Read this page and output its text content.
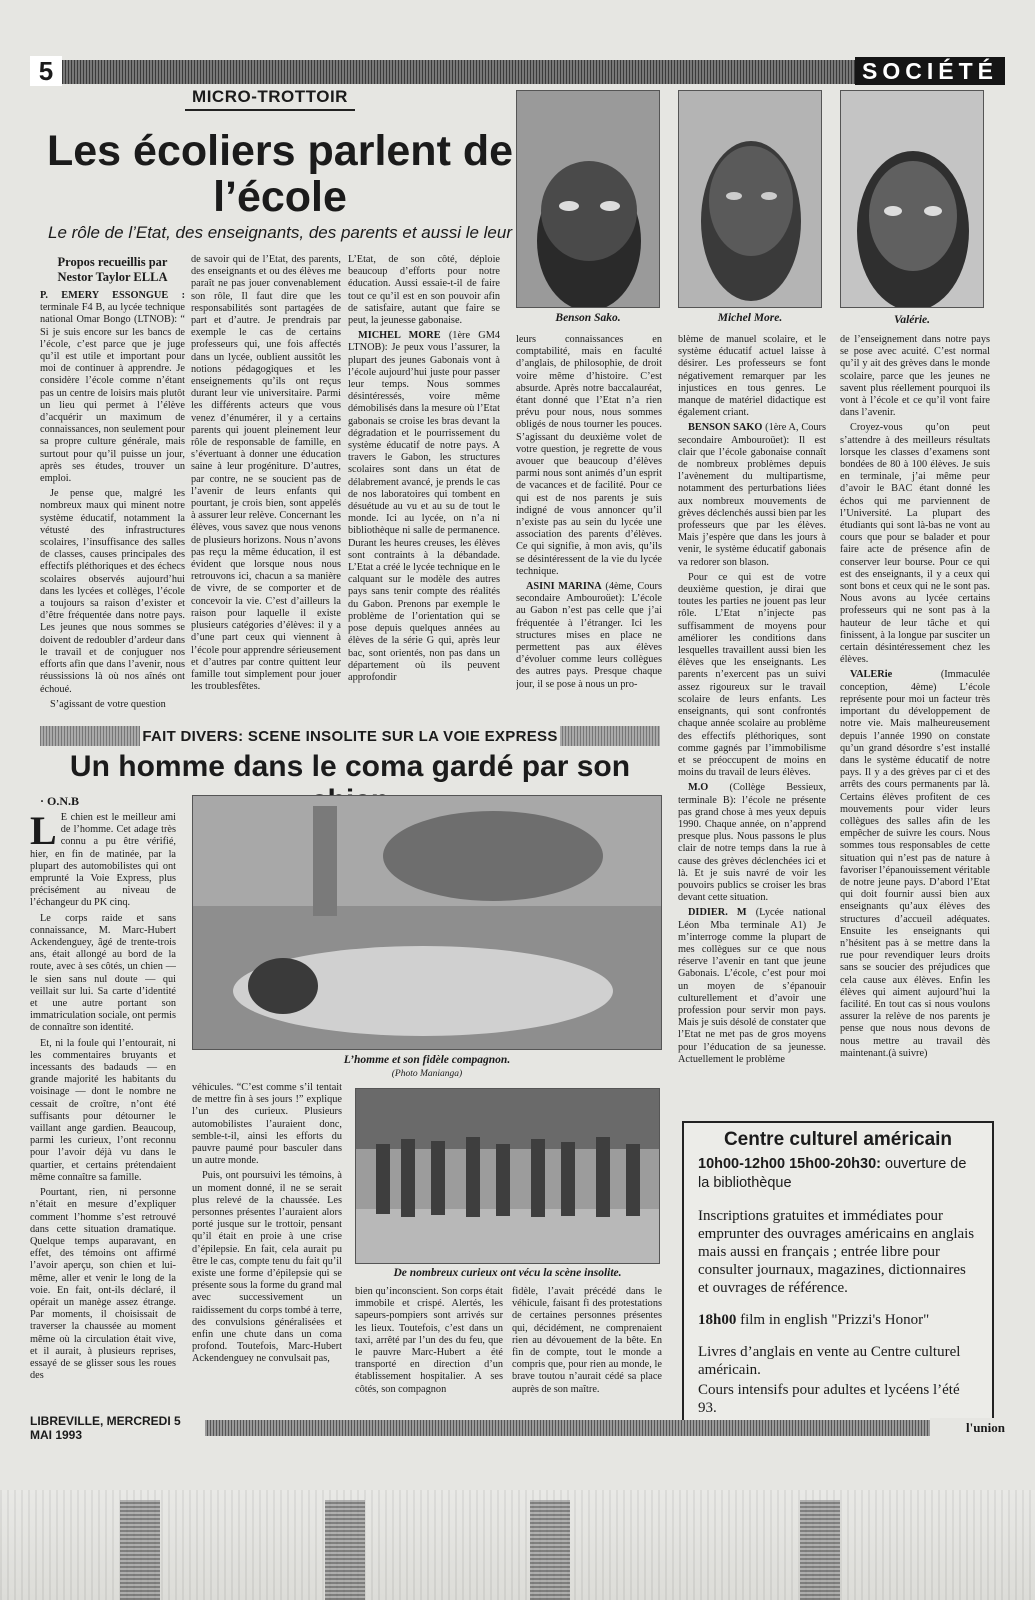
5	SOCIÉTÉ
MICRO-TROTTOIR
Les écoliers parlent de l’école
Le rôle de l’Etat, des enseignants, des parents et aussi le leur
Propos recueillis par Nestor Taylor ELLA

P. EMERY ESSONGUE : terminale F4 B, au lycée technique national Omar Bongo (LTNOB): “ Si je suis encore sur les bancs de l’école, c’est parce que je juge qu’il est utile et important pour moi de continuer à apprendre. Je considère l’école comme n’étant pas un centre de loisirs mais plutôt un lieu qui permet à l’élève d’acquérir un maximum de connaissances, non seulement pour sa propre culture générale, mais surtout pour qu’il puisse un jour, après ses études, trouver un emploi.

Je pense que, malgré les nombreux maux qui minent notre système éducatif, notamment la vétusté des infrastructures scolaires, l’insuffisance des salles de classes, causes principales des effectifs pléthoriques et des échecs scolaires observés aujourd’hui dans les lycées et collèges, l’école a toujours sa raison d’exister et d’être fréquentée dans notre pays. Les jeunes que nous sommes se doivent de redoubler d’ardeur dans le travail et de conjuguer nos efforts afin que dans l’avenir, nous réussissions là où nos aînés ont échoué.

S’agissant de votre question

de savoir qui de l’Etat, des parents, des enseignants et ou des élèves me paraît ne pas jouer convenablement son rôle, Il faut dire que les responsabilités sont partagées de part et d’autre. Je prendrais par exemple le cas de certains professeurs qui, une fois affectés dans un lycée, oublient aussitôt les notions pédagogiques et les enseignements qu’ils ont reçus durant leur vie universitaire. Parmi les différents acteurs que vous venez d’énumérer, il y a certains parents qui jouent pleinement leur rôle de responsable de famille, en s’évertuant à donner une éducation saine à leur progéniture. D’autres, par contre, ne se soucient pas de l’avenir de leurs enfants qui pourtant, je crois bien, sont appelés à assurer leur relève. Concernant les élèves, vous savez que nous venons de plusieurs horizons. Nous n’avons pas reçu la même éducation, il est évident que lorsque nous nous retrouvons ici, chacun a sa manière de vivre, de se comporter et de concevoir la vie. C’est d’ailleurs la raison pour laquelle il existe plusieurs catégories d’élèves: il y a d’une part ceux qui viennent à l’école pour apprendre sérieusement et d’autres par contre quittent leur famille tout simplement pour jouer les troublesfêtes.

L’Etat, de son côté, déploie beaucoup d’efforts pour notre éducation. Aussi essaie-t-il de faire tout ce qu’il est en son pouvoir afin de satisfaire, autant que faire se peut, la jeunesse gabonaise.

MICHEL MORE (1ère GM4 LTNOB): Je peux vous l’assurer, la plupart des jeunes Gabonais vont à l’école aujourd’hui juste pour passer leur temps. Nous sommes désintéressés, voire même démobilisés dans la mesure où l’Etat gabonais se croise les bras devant la dégradation et le pourrissement du système éducatif de notre pays. A travers le Gabon, les structures scolaires sont dans un état de délabrement avancé, je prends le cas de nos laboratoires qui tombent en désuétude au vu et au su de tout le monde. Ici au lycée, on n’a ni bibliothèque ni salle de permanence. Durant les heures creuses, les élèves sont contraints à la débandade. L’Etat a créé le lycée technique en le calquant sur le modèle des autres pays sans tenir compte des réalités du Gabon. Prenons par exemple le problème de l’orientation qui se pose depuis quelques années au élèves de la série G qui, après leur bac, sont orientés, non pas dans un département où ils peuvent approfondir

Benson Sako.	Michel More.	Valérie.

leurs connaissances en comptabilité, mais en faculté d’anglais, de philosophie, de droit voire même d’histoire. C’est absurde. Après notre baccalauréat, étant donné que l’Etat n’a rien prévu pour nous, nous sommes obligés de nous tourner les pouces. S’agissant du deuxième volet de votre question, je regrette de vous avouer que beaucoup d’élèves parmi nous sont animés d’un esprit de vacances et de facilité. Pour ce qui est de nos parents je suis indigné de vous annoncer qu’il n’existe pas au sein du lycée une association des parents d’élèves. Ce qui signifie, à mon avis, qu’ils se désintéressent de la vie du lycée technique.

ASINI MARINA (4ème, Cours secondaire Ambouroüet): L’école au Gabon n’est pas celle que j’ai fréquentée à l’étranger. Ici les structures mises en place ne permettent pas aux élèves d’évoluer comme leurs collègues des autres pays. Presque chaque jour, il se pose à nous un pro-

blème de manuel scolaire, et le système éducatif actuel laisse à désirer. Les professeurs se font négativement remarquer par les injustices en tous genres. Le manque de matériel didactique est également criant.

BENSON SAKO (1ère A, Cours secondaire Ambouroüet): Il est clair que l’école gabonaise connaît de nombreux problèmes depuis l’avènement du multipartisme, notamment des perturbations liées aux nombreux mouvements de grèves déclenchés aussi bien par les professeurs que par les élèves. Mais j’espère que dans les jours à venir, le système éducatif gabonais va redorer son blason.

Pour ce qui est de votre deuxième question, je dirai que toutes les parties ne jouent pas leur rôle. L’Etat n’injecte pas suffisamment de moyens pour améliorer les conditions dans lesquelles travaillent aussi bien les élèves que les enseignants. Les parents n’exercent pas un suivi assez rigoureux sur le travail scolaire de leurs enfants. Les enseignants, qui sont confrontés chaque année scolaire au problème des effectifs pléthoriques, sont comme gagnés par l’immobilisme et se préoccupent de moins en moins du travail de leurs élèves.

M.O (Collège Bessieux, terminale B): l’école ne présente pas grand chose à mes yeux depuis 1990. Chaque année, on n’apprend presque plus. Nous passons le plus clair de notre temps dans la rue à cause des grèves déclenchées ici et là. Et je suis navré de voir les pouvoirs publics se croiser les bras devant cette situation.

DIDIER. M (Lycée national Léon Mba terminale A1) Je m’interroge comme la plupart de mes collègues sur ce que nous réserve l’avenir en tant que jeune Gabonais. L’école, c’est pour moi un moyen de s’épanouir culturellement et d’avoir une profession pour servir mon pays. Mais je suis désolé de constater que l’Etat ne met pas de gros moyens pour l’éducation de sa jeunesse. Actuellement le problème

de l’enseignement dans notre pays se pose avec acuité. C’est normal qu’il y ait des grèves dans le monde scolaire, parce que les jeunes ne savent plus réellement pourquoi ils vont à l’école et ce qu’il vont faire dans l’avenir.

Croyez-vous qu’on peut s’attendre à des meilleurs résultats lorsque les classes d’examens sont bondées de 80 à 100 élèves. Je suis en terminale, j’ai même peur d’avoir le BAC étant donné les échos qui me parviennent de l’Université. La plupart des étudiants qui sont là-bas ne vont au cours que pour se balader et pour faire acte de présence afin de conserver leur bourse. Pour ce qui est des enseignants, il y a ceux qui sont bons et ceux qui ne le sont pas. Nous avons au lycée certains professeurs qui ne sont pas à la hauteur de leur tâche et qui finissent, à la longue par susciter un certain désintéressement chez les élèves.

VALERie (Immaculée conception, 4ème) L’école représente pour moi un facteur très important du développement de notre vie. Mais malheureusement depuis l’année 1990 on constate qu’un grand désordre s’est installé dans le système éducatif de notre pays. Il y a des grèves par ci et des arrêts des cours permanents par là. Certains élèves profitent de ces mouvements pour vider leurs collègues des salles afin de les empêcher de suivre les cours. Nous sommes tous responsables de cette situation qui n’est pas de nature à favoriser l’épanouissement véritable de notre jeune pays. D’abord l’Etat qui doit fournir aussi bien aux enseignants qu’aux élèves des structures d’accueil adéquates. Ensuite les enseignants qui n’hésitent pas à se mettre dans la rue pour revendiquer leurs droits sans se soucier des préjudices que cela cause aux élèves. Enfin les élèves qui aiment aujourd’hui la facilité. En tout cas si nous voulons assurer la relève de nos parents je pense que nous nous devons de nous mettre au travail dès maintenant.(à suivre)

FAIT DIVERS: SCENE INSOLITE SUR LA VOIE EXPRESS
Un homme dans le coma gardé par son
· O.N.B

L E chien est le meilleur ami de l’homme. Cet adage très connu a pu être vérifié, hier, en fin de matinée, par la plupart des automobilistes qui ont emprunté la Voie Express, plus précisément au niveau de l’échangeur du PK cinq.

Le corps raide et sans connaissance, M. Marc-Hubert Ackendenguey, âgé de trente-trois ans, était allongé au bord de la route, avec à ses côtés, un chien — le sien sans nul doute — qui veillait sur lui. Sa carte d’identité et une autre portant son immatriculation sociale, ont permis de connaître son identité.

Et, ni la foule qui l’entourait, ni les commentaires bruyants et incessants des badauds — en grande majorité les habitants du voisinage — dont le nombre ne cessait de croître, n’ont été suffisants pour détourner le vaillant ange gardien. Beaucoup, parmi les curieux, l’ont reconnu pour l’avoir déjà vu dans le quartier, et certains prétendaient même connaître sa famille.

Pourtant, rien, ni personne n’était en mesure d’expliquer comment l’homme s’est retrouvé dans cette situation dramatique. Quelque temps auparavant, en effet, des témoins ont affirmé l’avoir aperçu, son chien et lui-même, aller et venir le long de la voie. En fait, ont-ils déclaré, il opérait un manège assez étrange. Par moments, il choisissait de traverser la chaussée au moment même où la circulation était vive, et il aurait, à plusieurs reprises, essayé de se glisser sous les roues des

L’homme et son fidèle compagnon.
(Photo Manianga)

véhicules. “C’est comme s’il tentait de mettre fin à ses jours !” explique l’un des curieux. Plusieurs automobilistes l’auraient donc, semble-t-il, ainsi les efforts du pauvre paumé pour basculer dans un autre monde.

Puis, ont poursuivi les témoins, à un moment donné, il ne se serait plus relevé de la chaussée. Les personnes présentes l’auraient alors porté jusque sur le trottoir, pensant qu’il était en proie à une crise d’épilepsie. En fait, cela aurait pu être le cas, compte tenu du fait qu’il existe une forme d’épilepsie qui se présente sous la forme du grand mal avec successivement un raidissement du corps tombé à terre, des convulsions généralisées et enfin une chute dans un coma profond. Toutefois, Marc-Hubert Ackendenguey ne convulsait pas,

De nombreux curieux ont vécu la scène insolite.

bien qu’inconscient. Son corps était immobile et crispé. Alertés, les sapeurs-pompiers sont arrivés sur les lieux. Toutefois, c’est dans un taxi, arrêté par l’un des du feu, que le pauvre Marc-Hubert a été transporté en direction d’un établissement hospitalier. A ses côtés, son compagnon

fidèle, l’avait précédé dans le véhicule, faisant fi des protestations de certaines personnes présentes qui, décidément, ne comprenaient rien au dévouement de la bête. En fin de compte, tout le monde a compris que, pour rien au monde, le brave toutou n’aurait cédé sa place auprès de son maître.

Centre culturel américain
10h00-12h00 15h00-20h30: ouverture de la bibliothèque
Inscriptions gratuites et immédiates pour emprunter des ouvrages américains en anglais mais aussi en français ; entrée libre pour consulter journaux, magazines, dictionnaires et ouvrages de référence.
18h00 film in english "Prizzi's Honor"
Livres d’anglais en vente au Centre culturel américain.
Cours intensifs pour adultes et lycéens l’été 93.
LIBREVILLE, MERCREDI 5 MAI 1993	l'union
